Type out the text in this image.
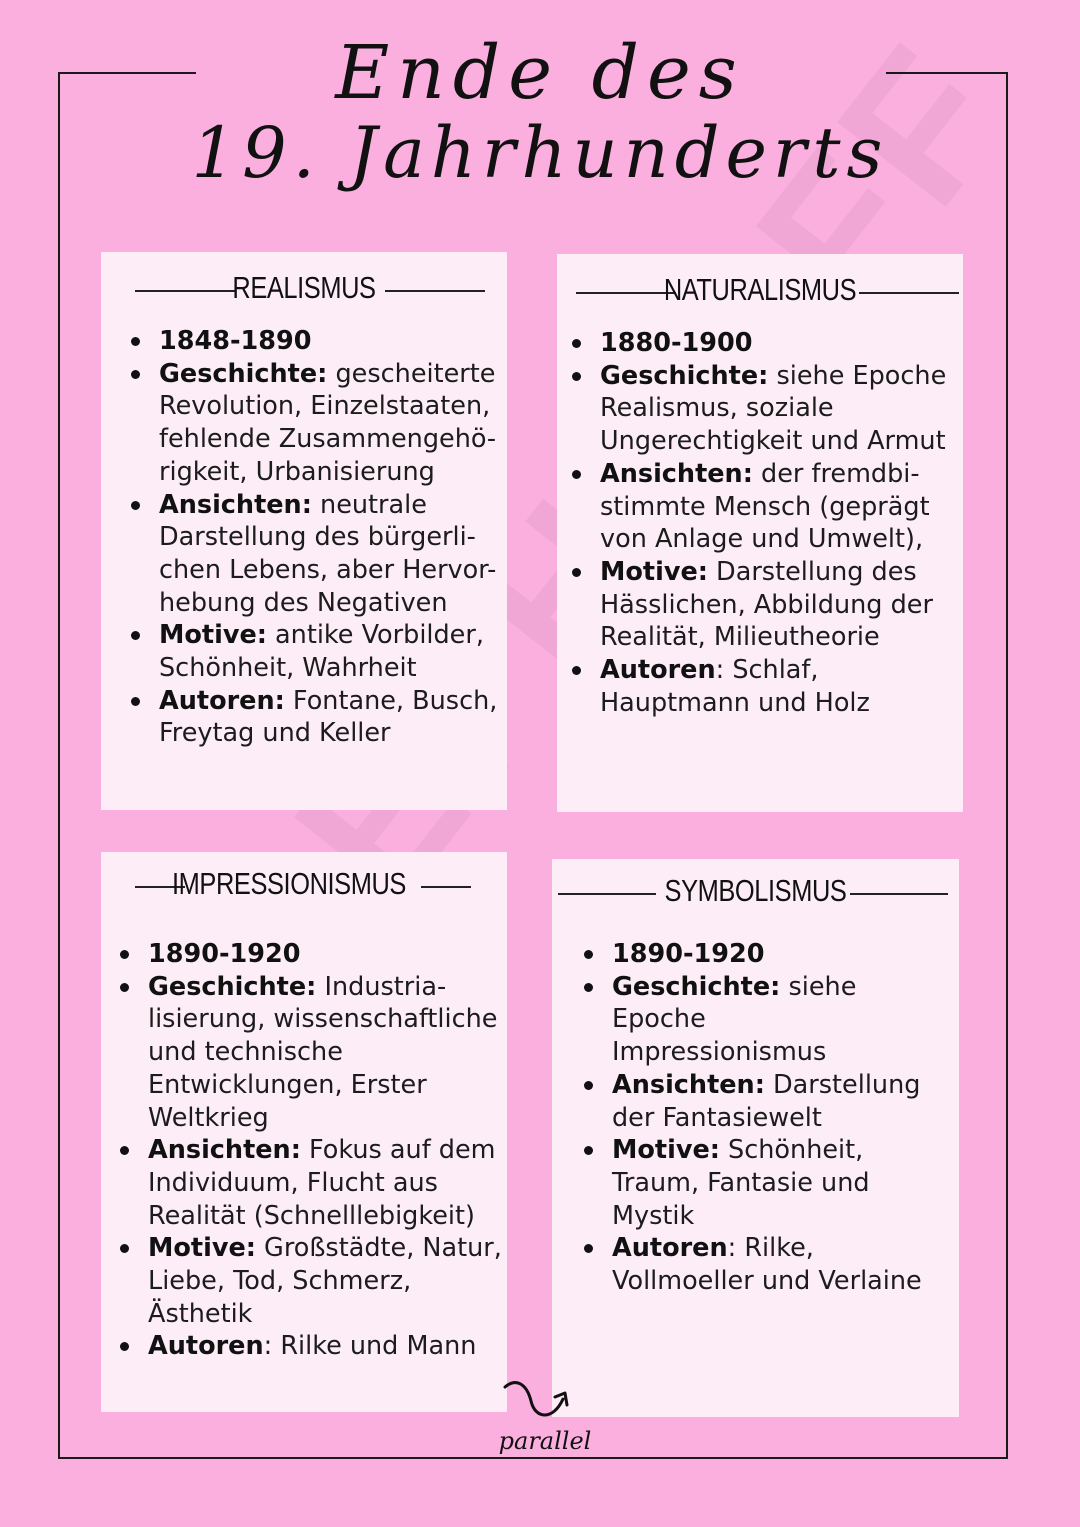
Ende des
19. Jahrhunderts
REALISMUS
1848-1890
Geschichte: gescheiterte
Revolution, Einzelstaaten,
fehlende Zusammengehö-
rigkeit, Urbanisierung
Ansichten: neutrale
Darstellung des bürgerli-
chen Lebens, aber Hervor-
hebung des Negativen
Motive: antike Vorbilder,
Schönheit, Wahrheit
Autoren: Fontane, Busch,
Freytag und Keller
NATURALISMUS
1880-1900
Geschichte: siehe Epoche
Realismus, soziale
Ungerechtigkeit und Armut
Ansichten: der fremdbi-
stimmte Mensch (geprägt
von Anlage und Umwelt),
Motive: Darstellung des
Hässlichen, Abbildung der
Realität, Milieutheorie
Autoren: Schlaf,
Hauptmann und Holz
IMPRESSIONISMUS
1890-1920
Geschichte: Industria-
lisierung, wissenschaftliche
und technische
Entwicklungen, Erster
Weltkrieg
Ansichten: Fokus auf dem
Individuum, Flucht aus
Realität (Schnelllebigkeit)
Motive: Großstädte, Natur,
Liebe, Tod, Schmerz,
Ästhetik
Autoren: Rilke und Mann
SYMBOLISMUS
1890-1920
Geschichte: siehe
Epoche
Impressionismus
Ansichten: Darstellung
der Fantasiewelt
Motive: Schönheit,
Traum, Fantasie und
Mystik
Autoren: Rilke,
Vollmoeller und Verlaine
parallel
